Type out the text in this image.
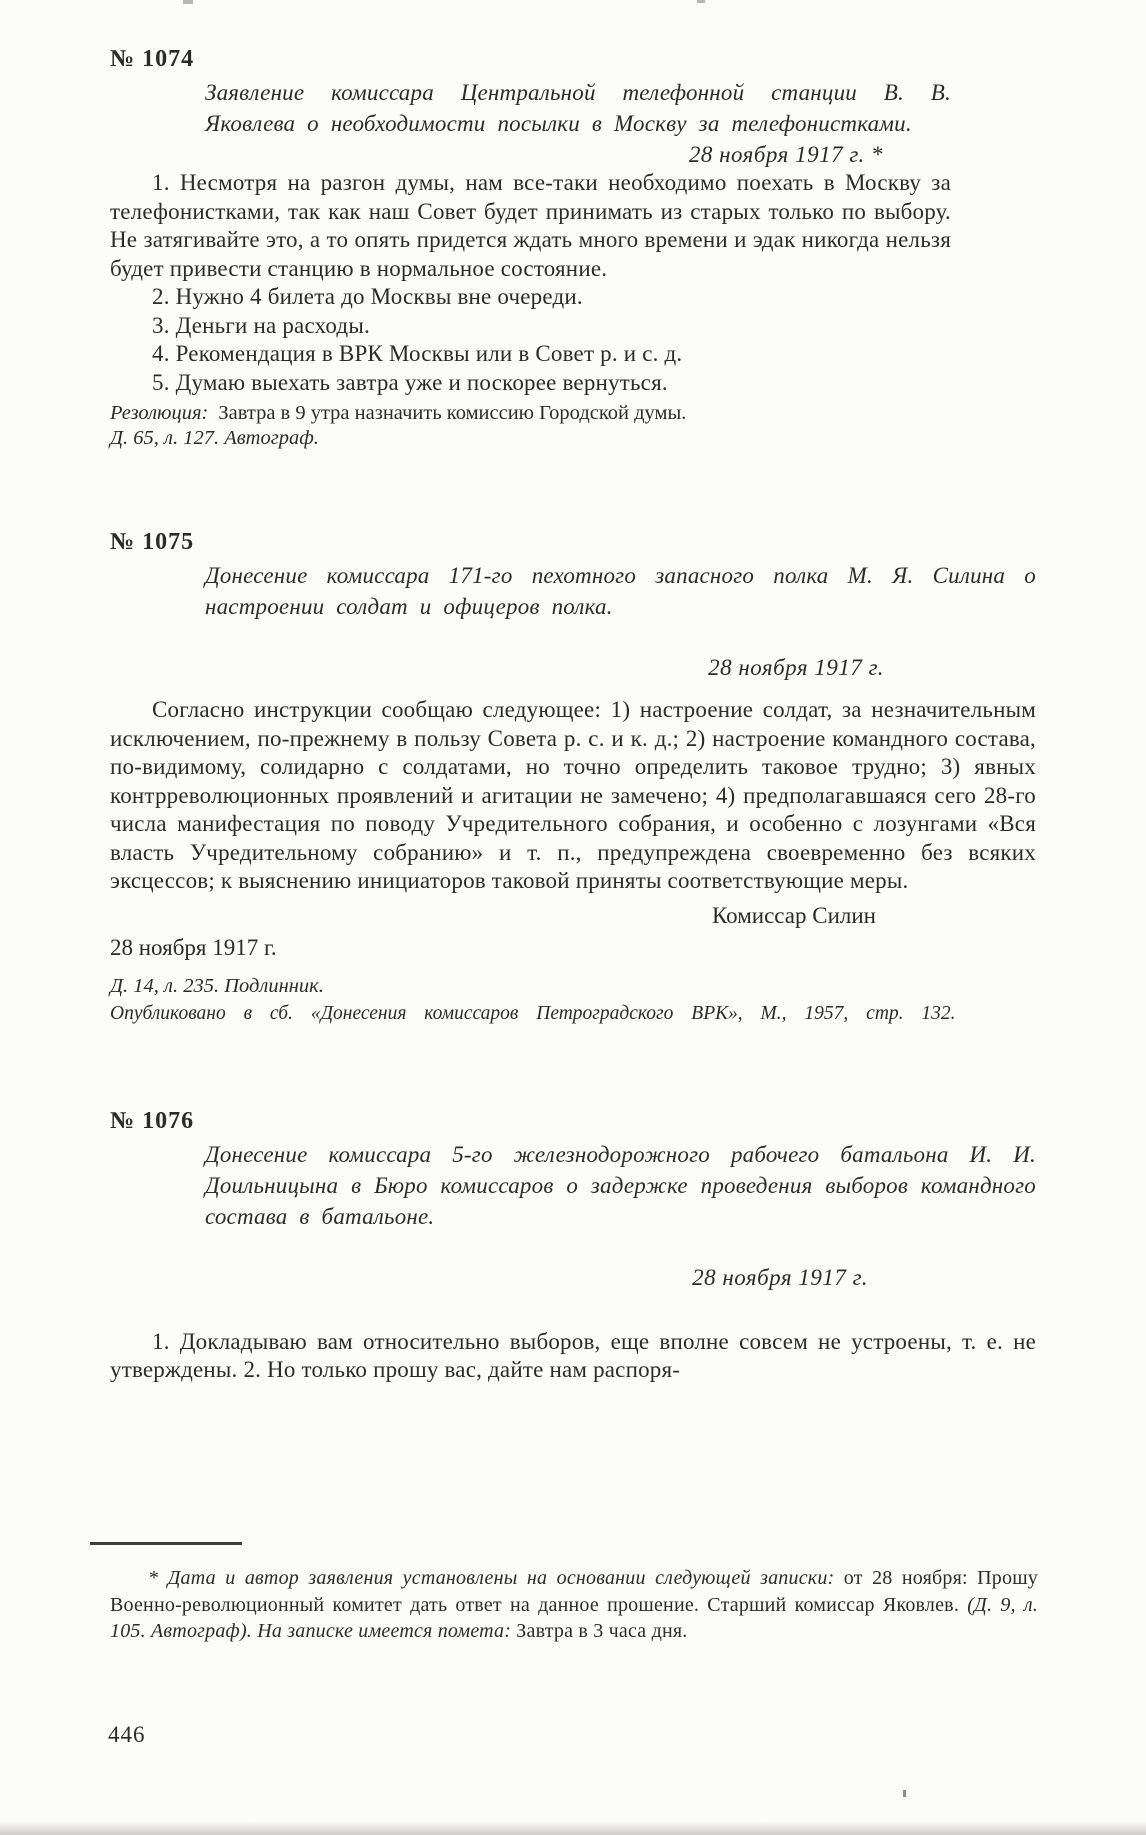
№ 1074
Заявление комиссара Центральной телефонной станции В. В. Яковлева о необходимости посылки в Москву за телефонистками.
28 ноября 1917 г. *

1. Несмотря на разгон думы, нам все-таки необходимо поехать в Москву за телефонистками, так как наш Совет будет принимать из старых только по выбору. Не затягивайте это, а то опять придется ждать много времени и эдак никогда нельзя будет привести станцию в нормальное состояние.

2. Нужно 4 билета до Москвы вне очереди.

3. Деньги на расходы.

4. Рекомендация в ВРК Москвы или в Совет р. и с. д.

5. Думаю выехать завтра уже и поскорее вернуться.

Резолюция: Завтра в 9 утра назначить комиссию Городской думы.

Д. 65, л. 127. Автограф.

№ 1075
Донесение комиссара 171-го пехотного запасного полка М. Я. Силина о настроении солдат и офицеров полка.
28 ноября 1917 г.

Согласно инструкции сообщаю следующее: 1) настроение солдат, за незначительным исключением, по-прежнему в пользу Совета р. с. и к. д.; 2) настроение командного состава, по-видимому, солидарно с солдатами, но точно определить таковое трудно; 3) явных контрреволюционных проявлений и агитации не замечено; 4) предполагавшаяся сего 28-го числа манифестация по поводу Учредительного собрания, и особенно с лозунгами «Вся власть Учредительному собранию» и т. п., предупреждена своевременно без всяких эксцессов; к выяснению инициаторов таковой приняты соответствующие меры.

Комиссар Силин

28 ноября 1917 г.

Д. 14, л. 235. Подлинник.

Опубликовано в сб. «Донесения комиссаров Петроградского ВРК», М., 1957, стр. 132.

№ 1076
Донесение комиссара 5-го железнодорожного рабочего батальона И. И. Доильницына в Бюро комиссаров о задержке проведения выборов командного состава в батальоне.
28 ноября 1917 г.

1. Докладываю вам относительно выборов, еще вполне совсем не устроены, т. е. не утверждены. 2. Но только прошу вас, дайте нам распоря-

* Дата и автор заявления установлены на основании следующей записки: от 28 ноября: Прошу Военно-революционный комитет дать ответ на данное прошение. Старший комиссар Яковлев. (Д. 9, л. 105. Автограф). На записке имеется помета: Завтра в 3 часа дня.

446
